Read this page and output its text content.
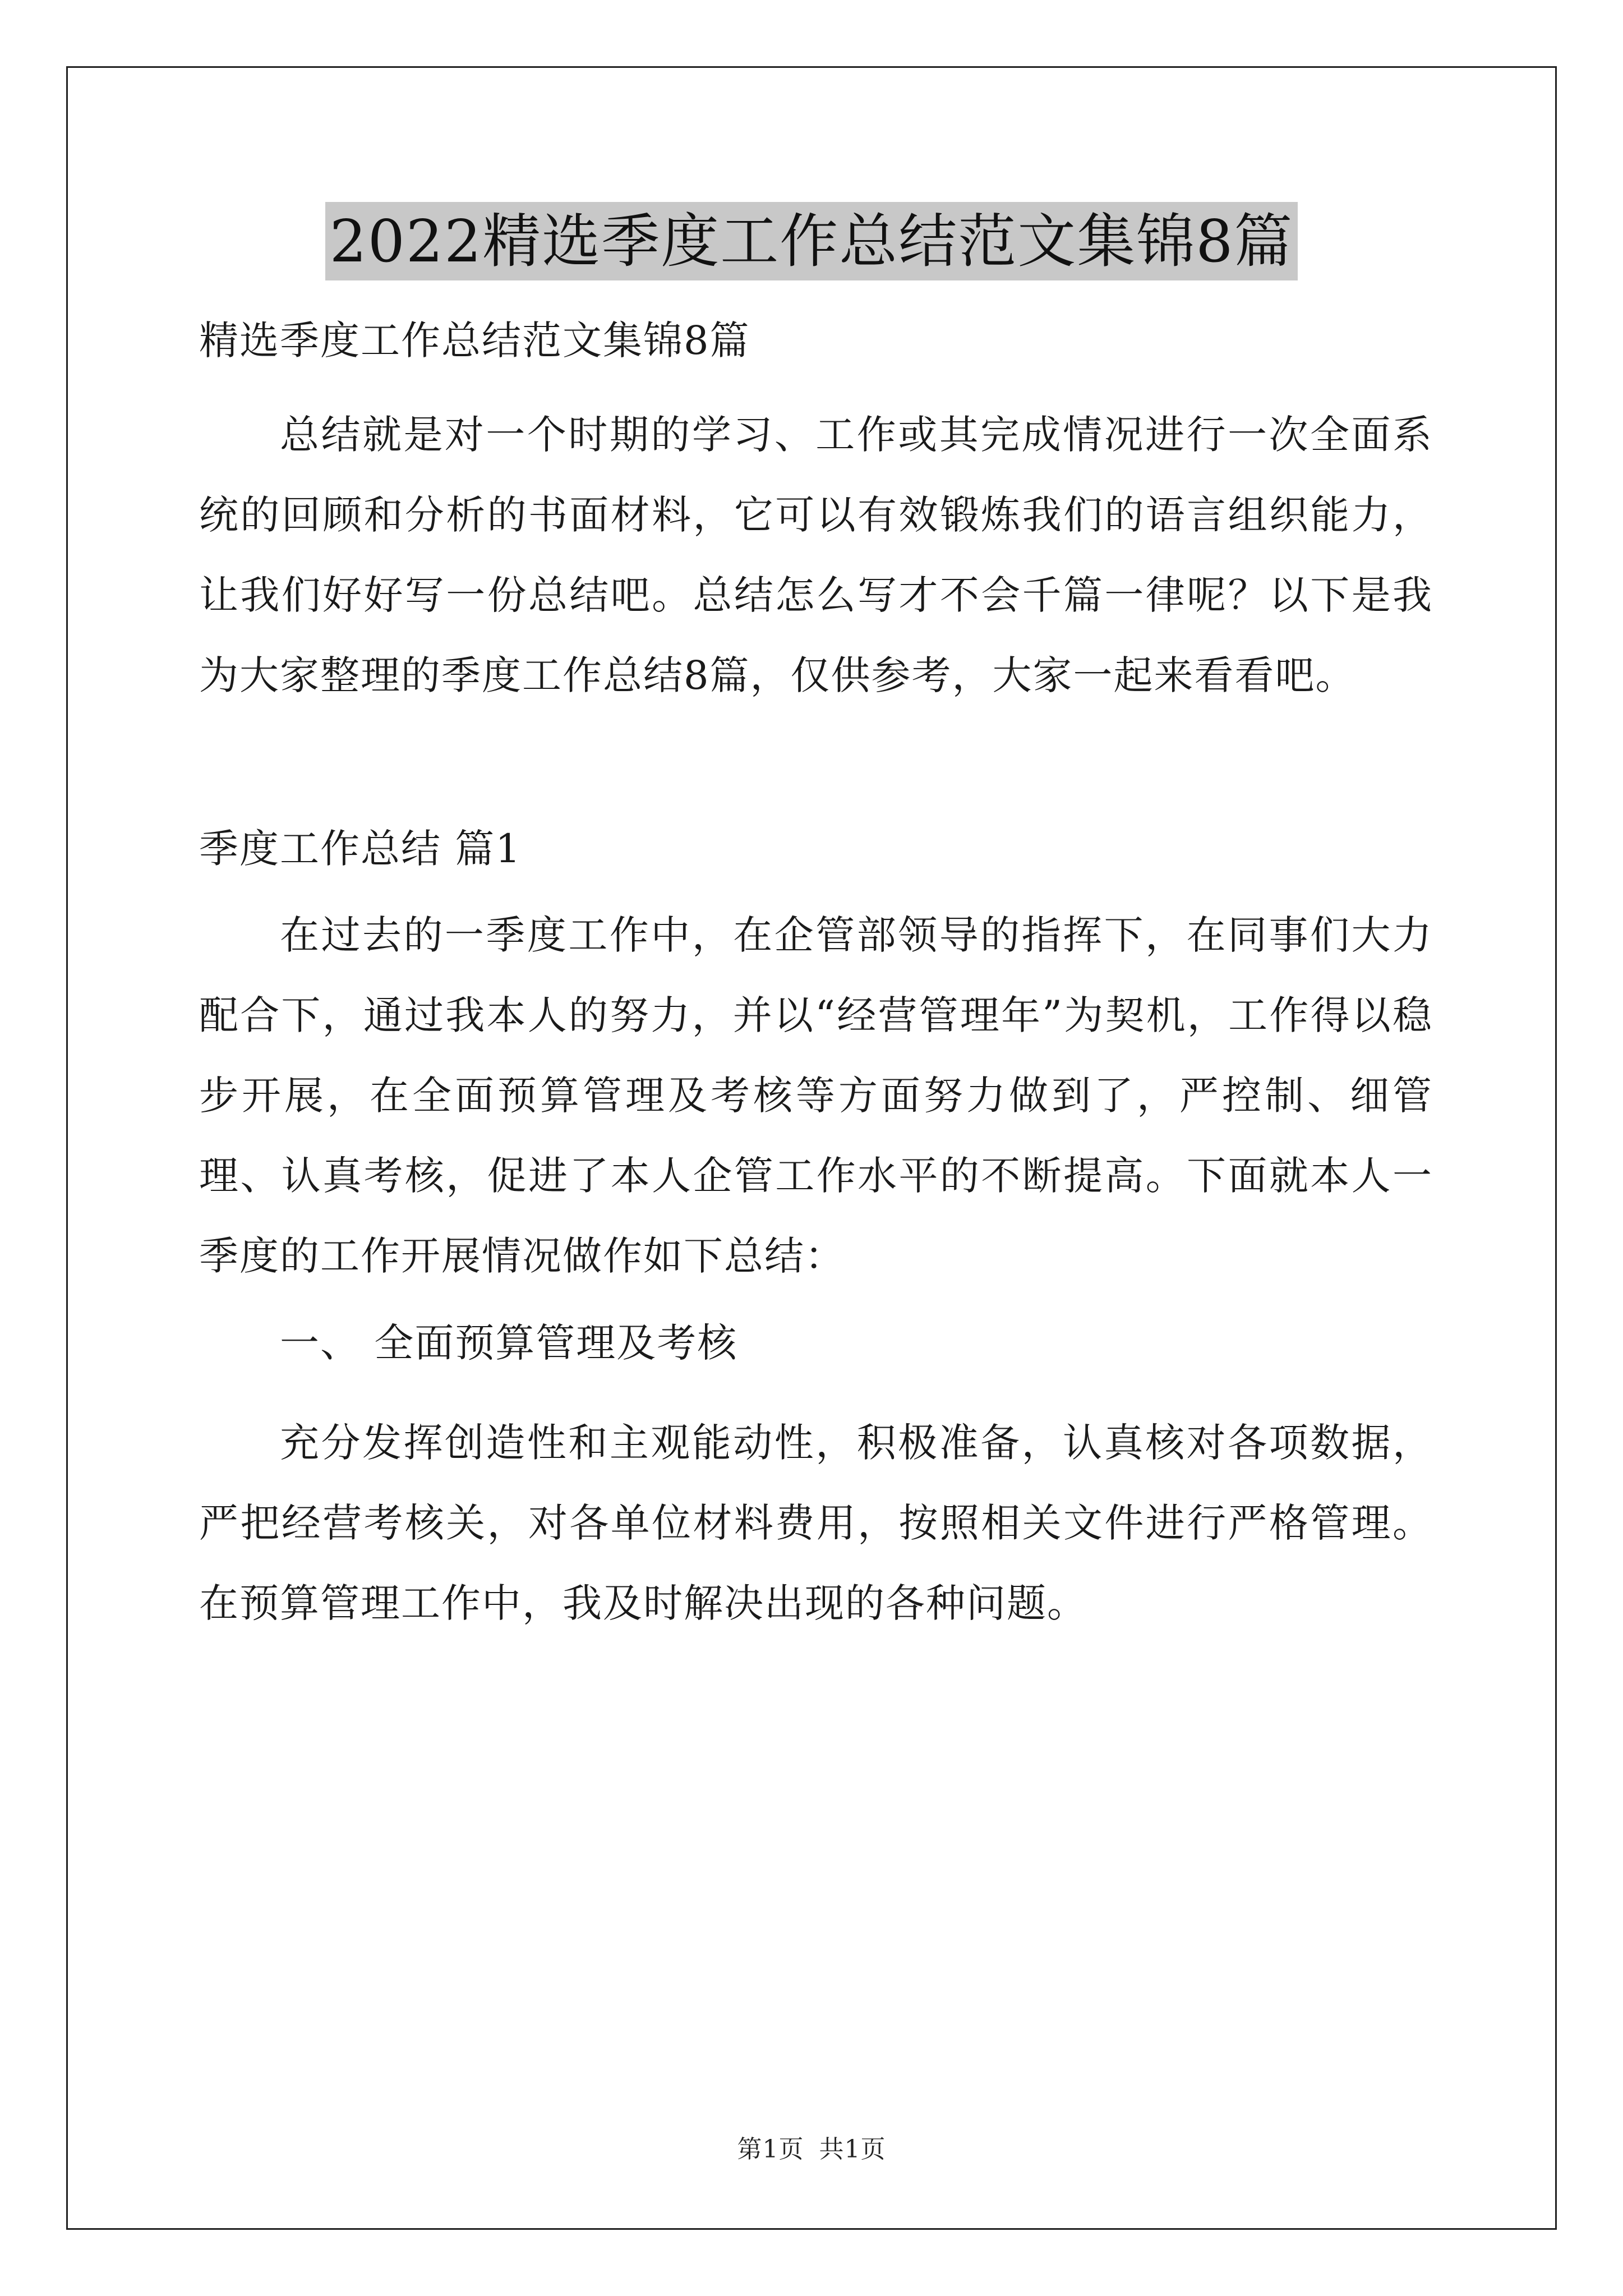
2022精选季度工作总结范文集锦8篇

精选季度工作总结范文集锦8篇

总结就是对一个时期的学习、工作或其完成情况进行一次全面系统的回顾和分析的书面材料，它可以有效锻炼我们的语言组织能力，让我们好好写一份总结吧。总结怎么写才不会千篇一律呢？以下是我为大家整理的季度工作总结8篇，仅供参考，大家一起来看看吧。

季度工作总结 篇1

在过去的一季度工作中，在企管部领导的指挥下，在同事们大力配合下，通过我本人的努力，并以“经营管理年”为契机，工作得以稳步开展，在全面预算管理及考核等方面努力做到了，严控制、细管理、认真考核，促进了本人企管工作水平的不断提高。下面就本人一季度的工作开展情况做作如下总结：

一、 全面预算管理及考核

充分发挥创造性和主观能动性，积极准备，认真核对各项数据，严把经营考核关，对各单位材料费用，按照相关文件进行严格管理。在预算管理工作中，我及时解决出现的各种问题。

第1页 共1页
